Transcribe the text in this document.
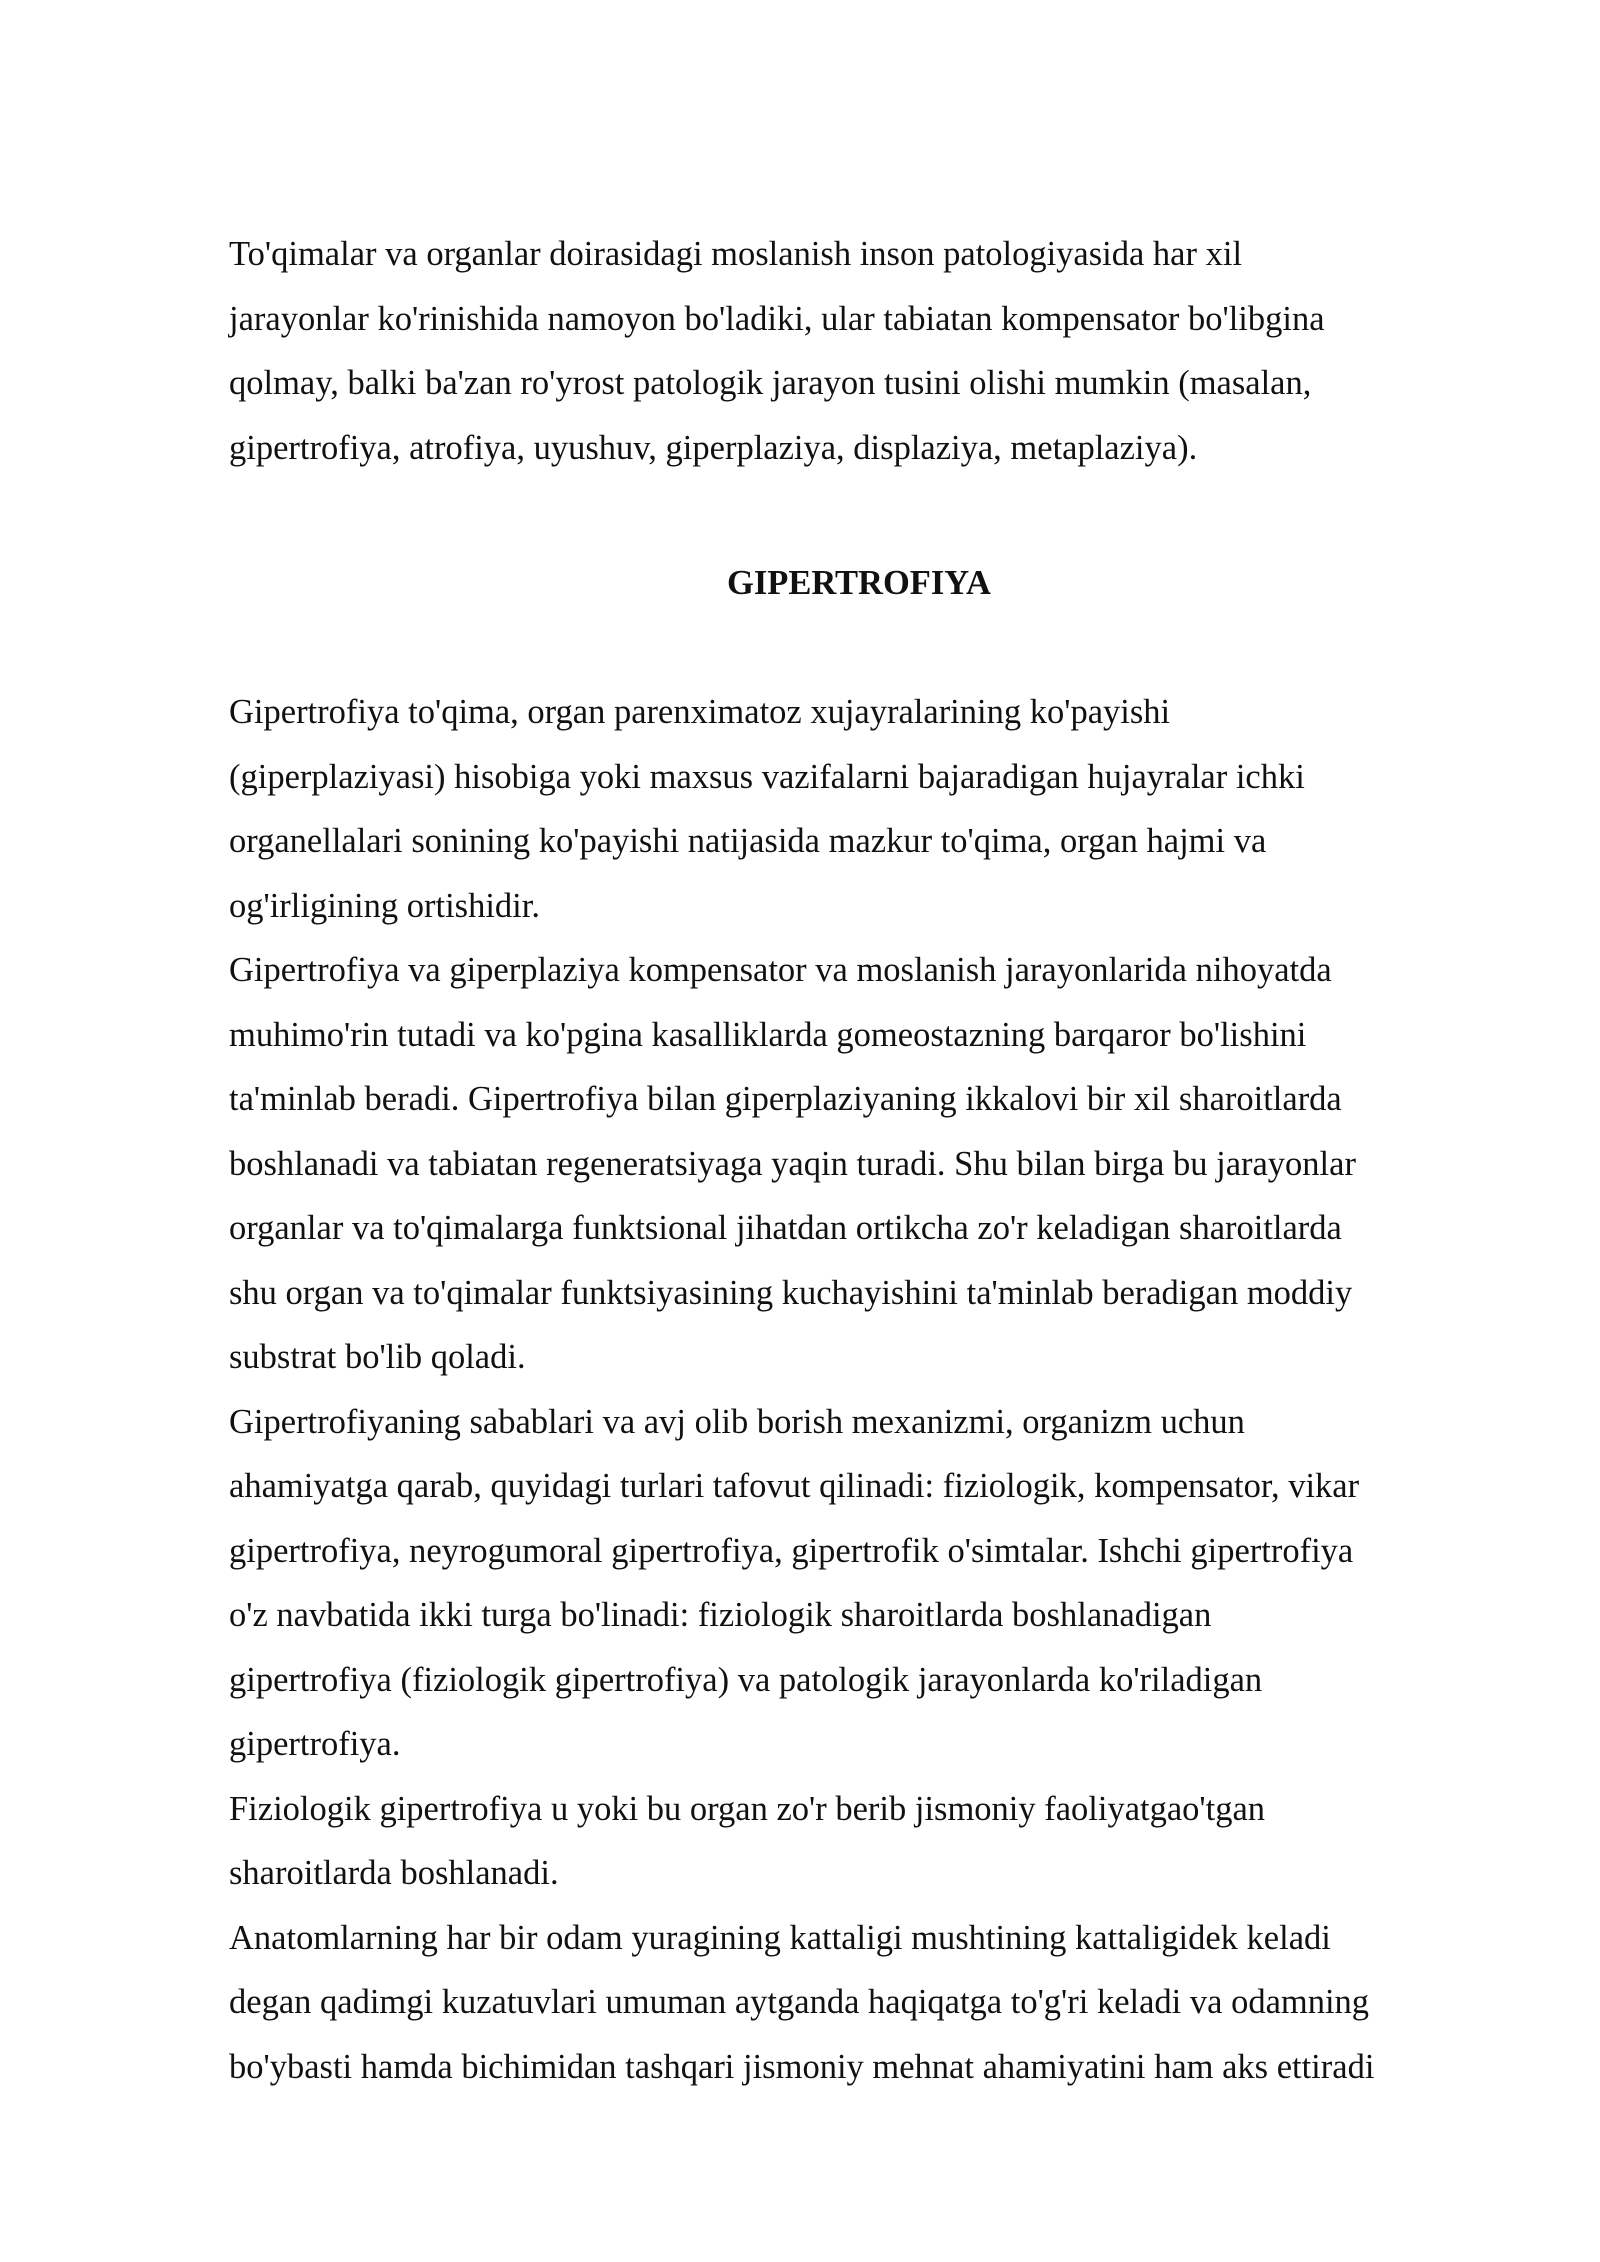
To'qimalar va organlar doirasidagi moslanish inson patologiyasida har xil

jarayonlar ko'rinishida namoyon bo'ladiki, ular tabiatan kompensator bo'libgina

qolmay, balki ba'zan ro'yrost patologik jarayon tusini olishi mumkin (masalan,

gipertrofiya, atrofiya, uyushuv, giperplaziya, displaziya, metaplaziya).

GIPERTROFIYA

Gipertrofiya to'qima, organ parenximatoz xujayralarining ko'payishi

(giperplaziyasi) hisobiga yoki maxsus vazifalarni bajaradigan hujayralar ichki

organellalari sonining ko'payishi natijasida mazkur to'qima, organ hajmi va

og'irligining ortishidir.

Gipertrofiya va giperplaziya kompensator va moslanish jarayonlarida nihoyatda

muhimo'rin tutadi va ko'pgina kasalliklarda gomeostazning barqaror bo'lishini

ta'minlab beradi. Gipertrofiya bilan giperplaziyaning ikkalovi bir xil sharoitlarda

boshlanadi va tabiatan regeneratsiyaga yaqin turadi. Shu bilan birga bu jarayonlar

organlar va to'qimalarga funktsional jihatdan ortikcha zo'r keladigan sharoitlarda

shu organ va to'qimalar funktsiyasining kuchayishini ta'minlab beradigan moddiy

substrat bo'lib qoladi.

Gipertrofiyaning sabablari va avj olib borish mexanizmi, organizm uchun

ahamiyatga qarab, quyidagi turlari tafovut qilinadi: fiziologik, kompensator, vikar

gipertrofiya, neyrogumoral gipertrofiya, gipertrofik o'simtalar. Ishchi gipertrofiya

o'z navbatida ikki turga bo'linadi: fiziologik sharoitlarda boshlanadigan

gipertrofiya (fiziologik gipertrofiya) va patologik jarayonlarda ko'riladigan

gipertrofiya.

Fiziologik gipertrofiya u yoki bu organ zo'r berib jismoniy faoliyatgao'tgan

sharoitlarda boshlanadi.

Anatomlarning har bir odam yuragining kattaligi mushtining kattaligidek keladi

degan qadimgi kuzatuvlari umuman aytganda haqiqatga to'g'ri keladi va odamning

bo'ybasti hamda bichimidan tashqari jismoniy mehnat ahamiyatini ham aks ettiradi
